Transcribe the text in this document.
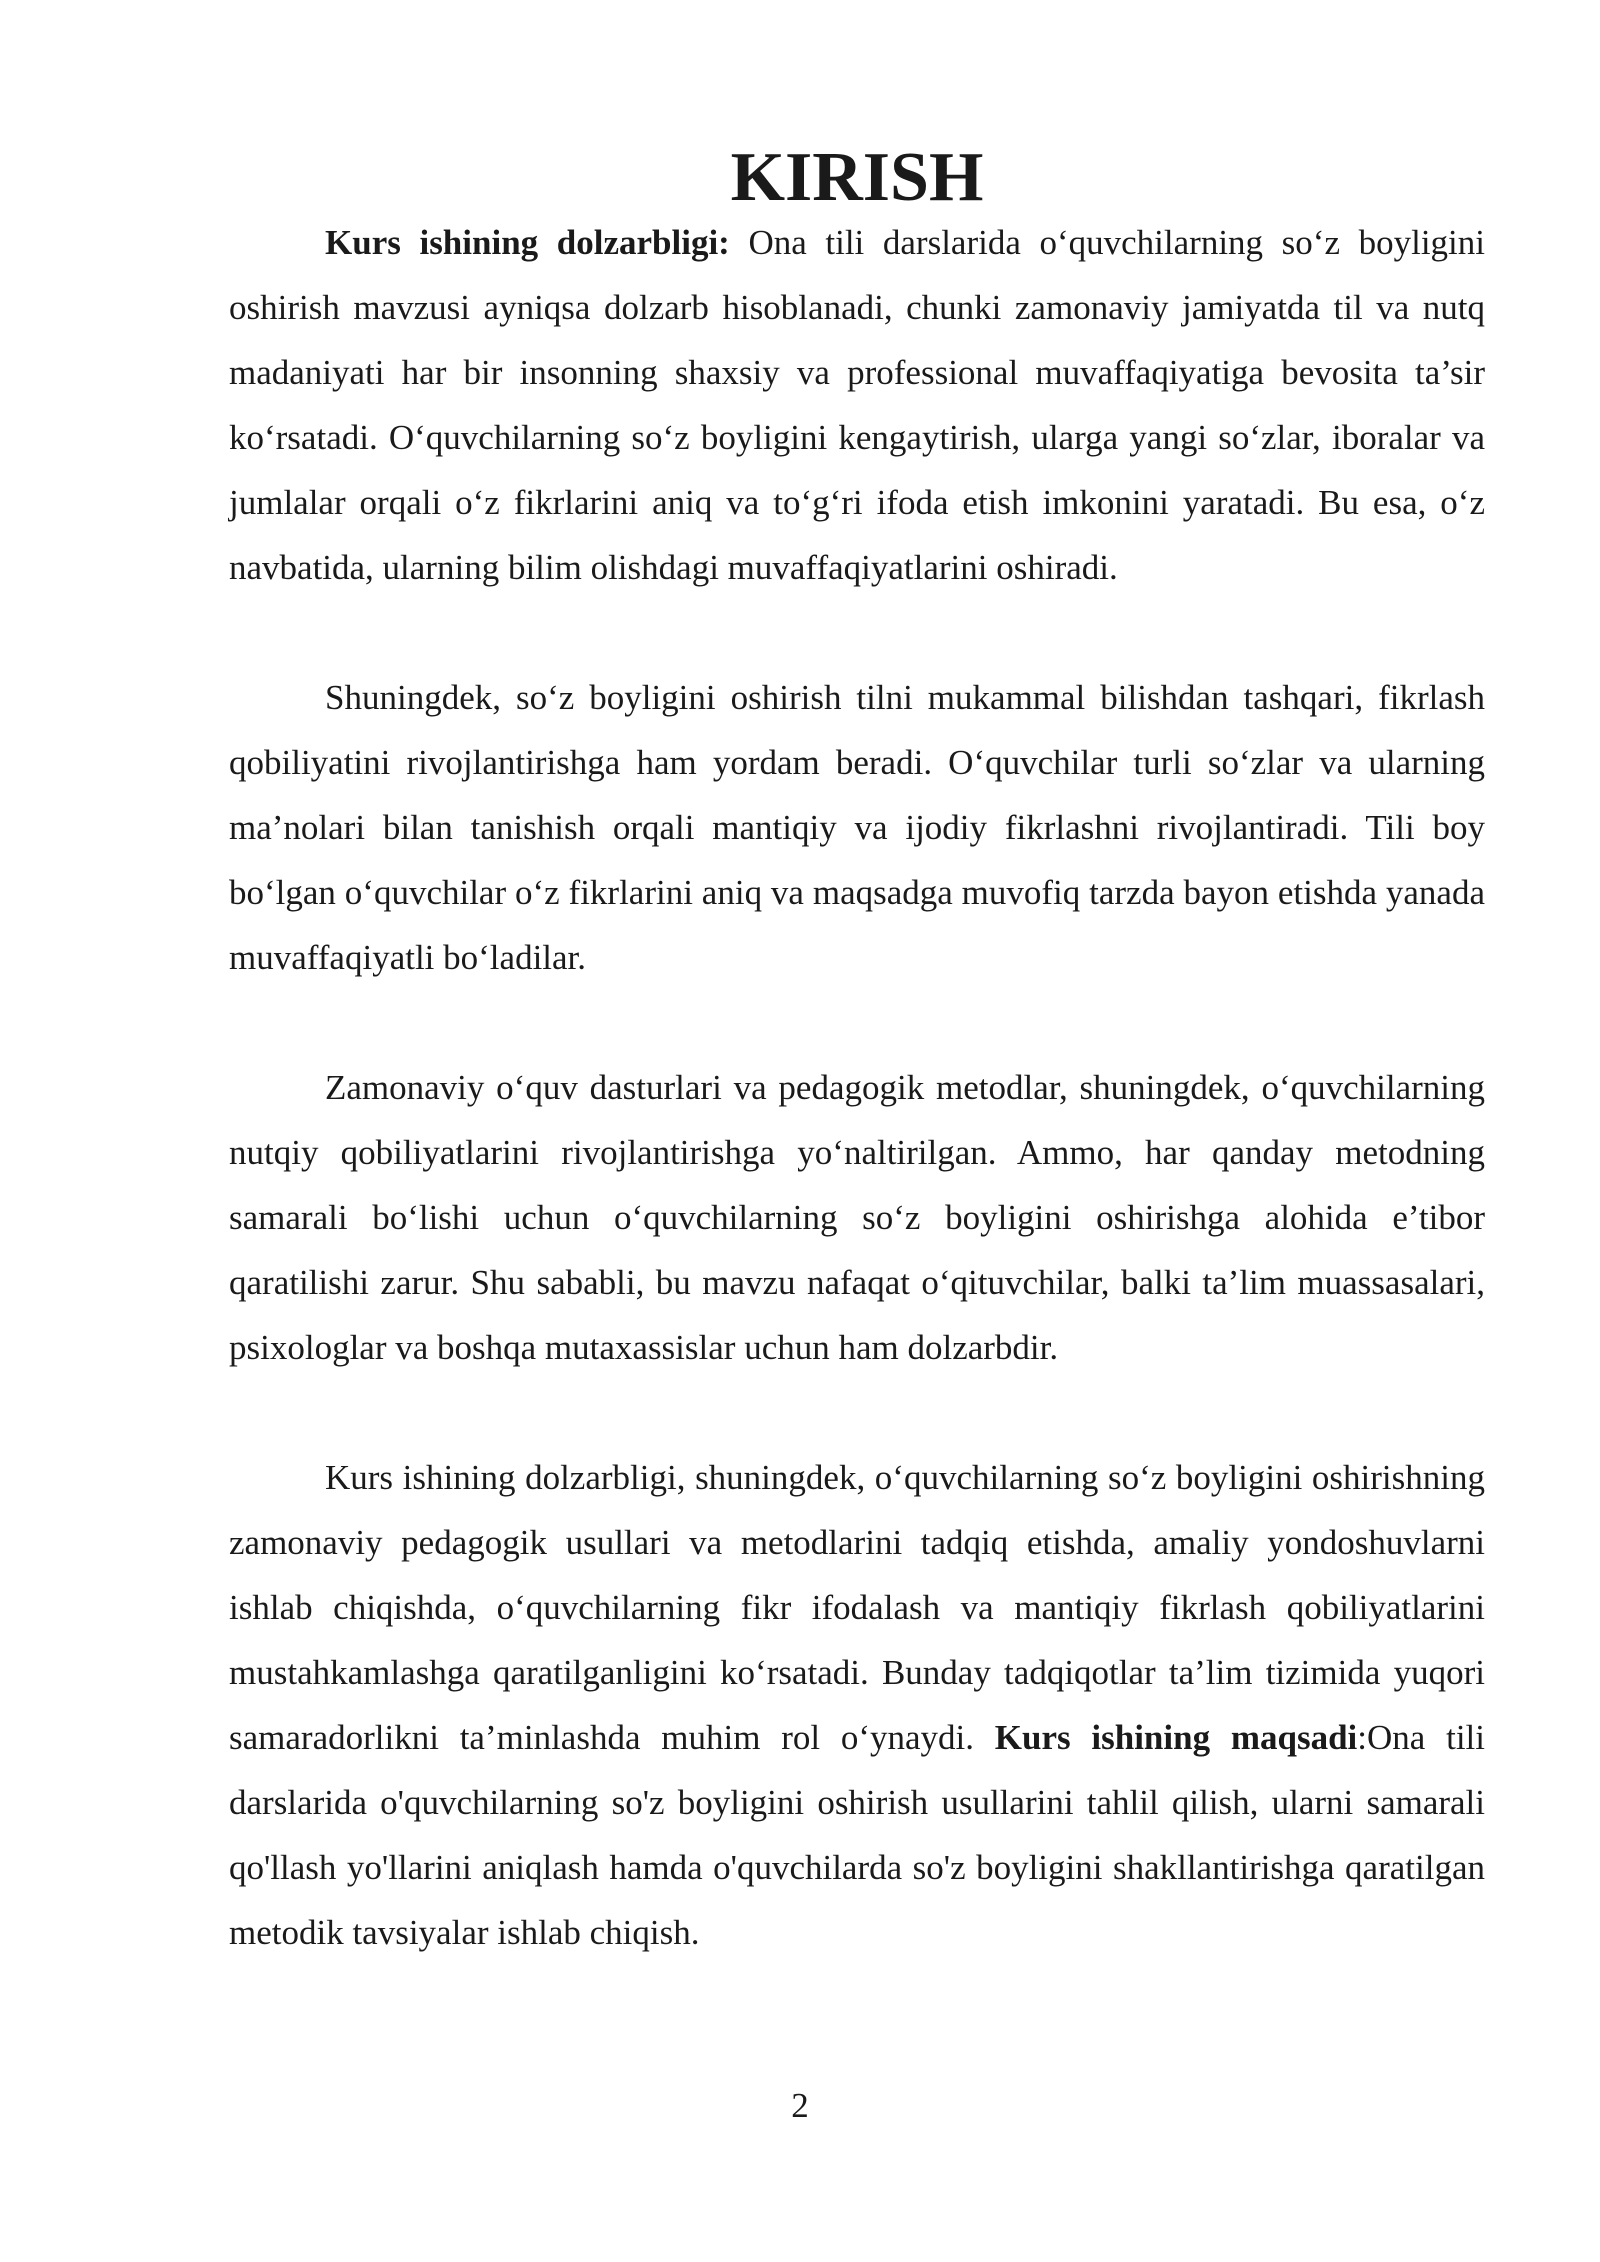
KIRISH

Kurs ishining dolzarbligi: Ona tili darslarida o‘quvchilarning so‘z boyligini oshirish mavzusi ayniqsa dolzarb hisoblanadi, chunki zamonaviy jamiyatda til va nutq madaniyati har bir insonning shaxsiy va professional muvaffaqiyatiga bevosita ta’sir ko‘rsatadi. O‘quvchilarning so‘z boyligini kengaytirish, ularga yangi so‘zlar, iboralar va jumlalar orqali o‘z fikrlarini aniq va to‘g‘ri ifoda etish imkonini yaratadi. Bu esa, o‘z navbatida, ularning bilim olishdagi muvaffaqiyatlarini oshiradi.

Shuningdek, so‘z boyligini oshirish tilni mukammal bilishdan tashqari, fikrlash qobiliyatini rivojlantirishga ham yordam beradi. O‘quvchilar turli so‘zlar va ularning ma’nolari bilan tanishish orqali mantiqiy va ijodiy fikrlashni rivojlantiradi. Tili boy bo‘lgan o‘quvchilar o‘z fikrlarini aniq va maqsadga muvofiq tarzda bayon etishda yanada muvaffaqiyatli bo‘ladilar.

Zamonaviy o‘quv dasturlari va pedagogik metodlar, shuningdek, o‘quvchilarning nutqiy qobiliyatlarini rivojlantirishga yo‘naltirilgan. Ammo, har qanday metodning samarali bo‘lishi uchun o‘quvchilarning so‘z boyligini oshirishga alohida e’tibor qaratilishi zarur. Shu sababli, bu mavzu nafaqat o‘qituvchilar, balki ta’lim muassasalari, psixologlar va boshqa mutaxassislar uchun ham dolzarbdir.

Kurs ishining dolzarbligi, shuningdek, o‘quvchilarning so‘z boyligini oshirishning zamonaviy pedagogik usullari va metodlarini tadqiq etishda, amaliy yondoshuvlarni ishlab chiqishda, o‘quvchilarning fikr ifodalash va mantiqiy fikrlash qobiliyatlarini mustahkamlashga qaratilganligini ko‘rsatadi. Bunday tadqiqotlar ta’lim tizimida yuqori samaradorlikni ta’minlashda muhim rol o‘ynaydi. Kurs ishining maqsadi:Ona tili darslarida o'quvchilarning so'z boyligini oshirish usullarini tahlil qilish, ularni samarali qo'llash yo'llarini aniqlash hamda o'quvchilarda so'z boyligini shakllantirishga qaratilgan metodik tavsiyalar ishlab chiqish.

2
